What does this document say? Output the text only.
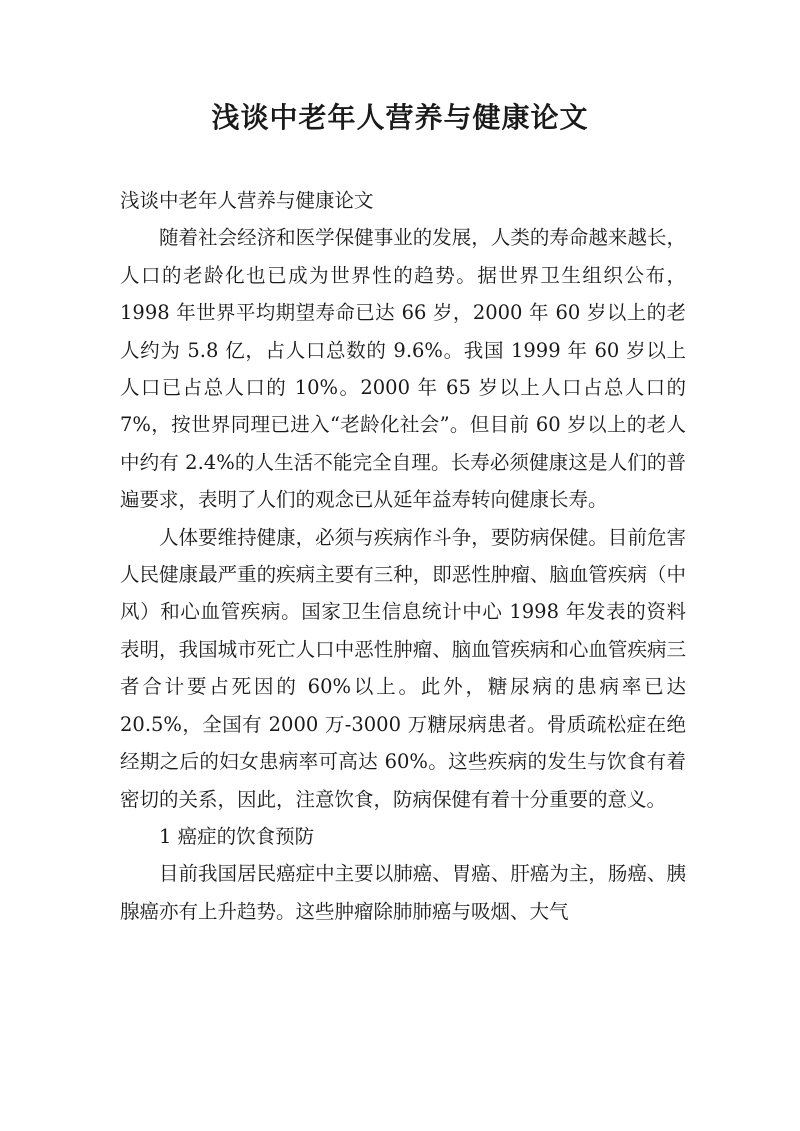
浅谈中老年人营养与健康论文

浅谈中老年人营养与健康论文

随着社会经济和医学保健事业的发展，人类的寿命越来越长，人口的老龄化也已成为世界性的趋势。据世界卫生组织公布，1998 年世界平均期望寿命已达 66 岁，2000 年 60 岁以上的老人约为 5.8 亿，占人口总数的 9.6%。我国 1999 年 60 岁以上人口已占总人口的 10%。2000 年 65 岁以上人口占总人口的 7%，按世界同理已进入“老龄化社会”。但目前 60 岁以上的老人中约有 2.4%的人生活不能完全自理。长寿必须健康这是人们的普遍要求，表明了人们的观念已从延年益寿转向健康长寿。

人体要维持健康，必须与疾病作斗争，要防病保健。目前危害人民健康最严重的疾病主要有三种，即恶性肿瘤、脑血管疾病（中风）和心血管疾病。国家卫生信息统计中心 1998 年发表的资料表明，我国城市死亡人口中恶性肿瘤、脑血管疾病和心血管疾病三者合计要占死因的 60%以上。此外，糖尿病的患病率已达 20.5%，全国有 2000 万-3000 万糖尿病患者。骨质疏松症在绝经期之后的妇女患病率可高达 60%。这些疾病的发生与饮食有着密切的关系，因此，注意饮食，防病保健有着十分重要的意义。

1 癌症的饮食预防

目前我国居民癌症中主要以肺癌、胃癌、肝癌为主，肠癌、胰腺癌亦有上升趋势。这些肿瘤除肺肺癌与吸烟、大气
